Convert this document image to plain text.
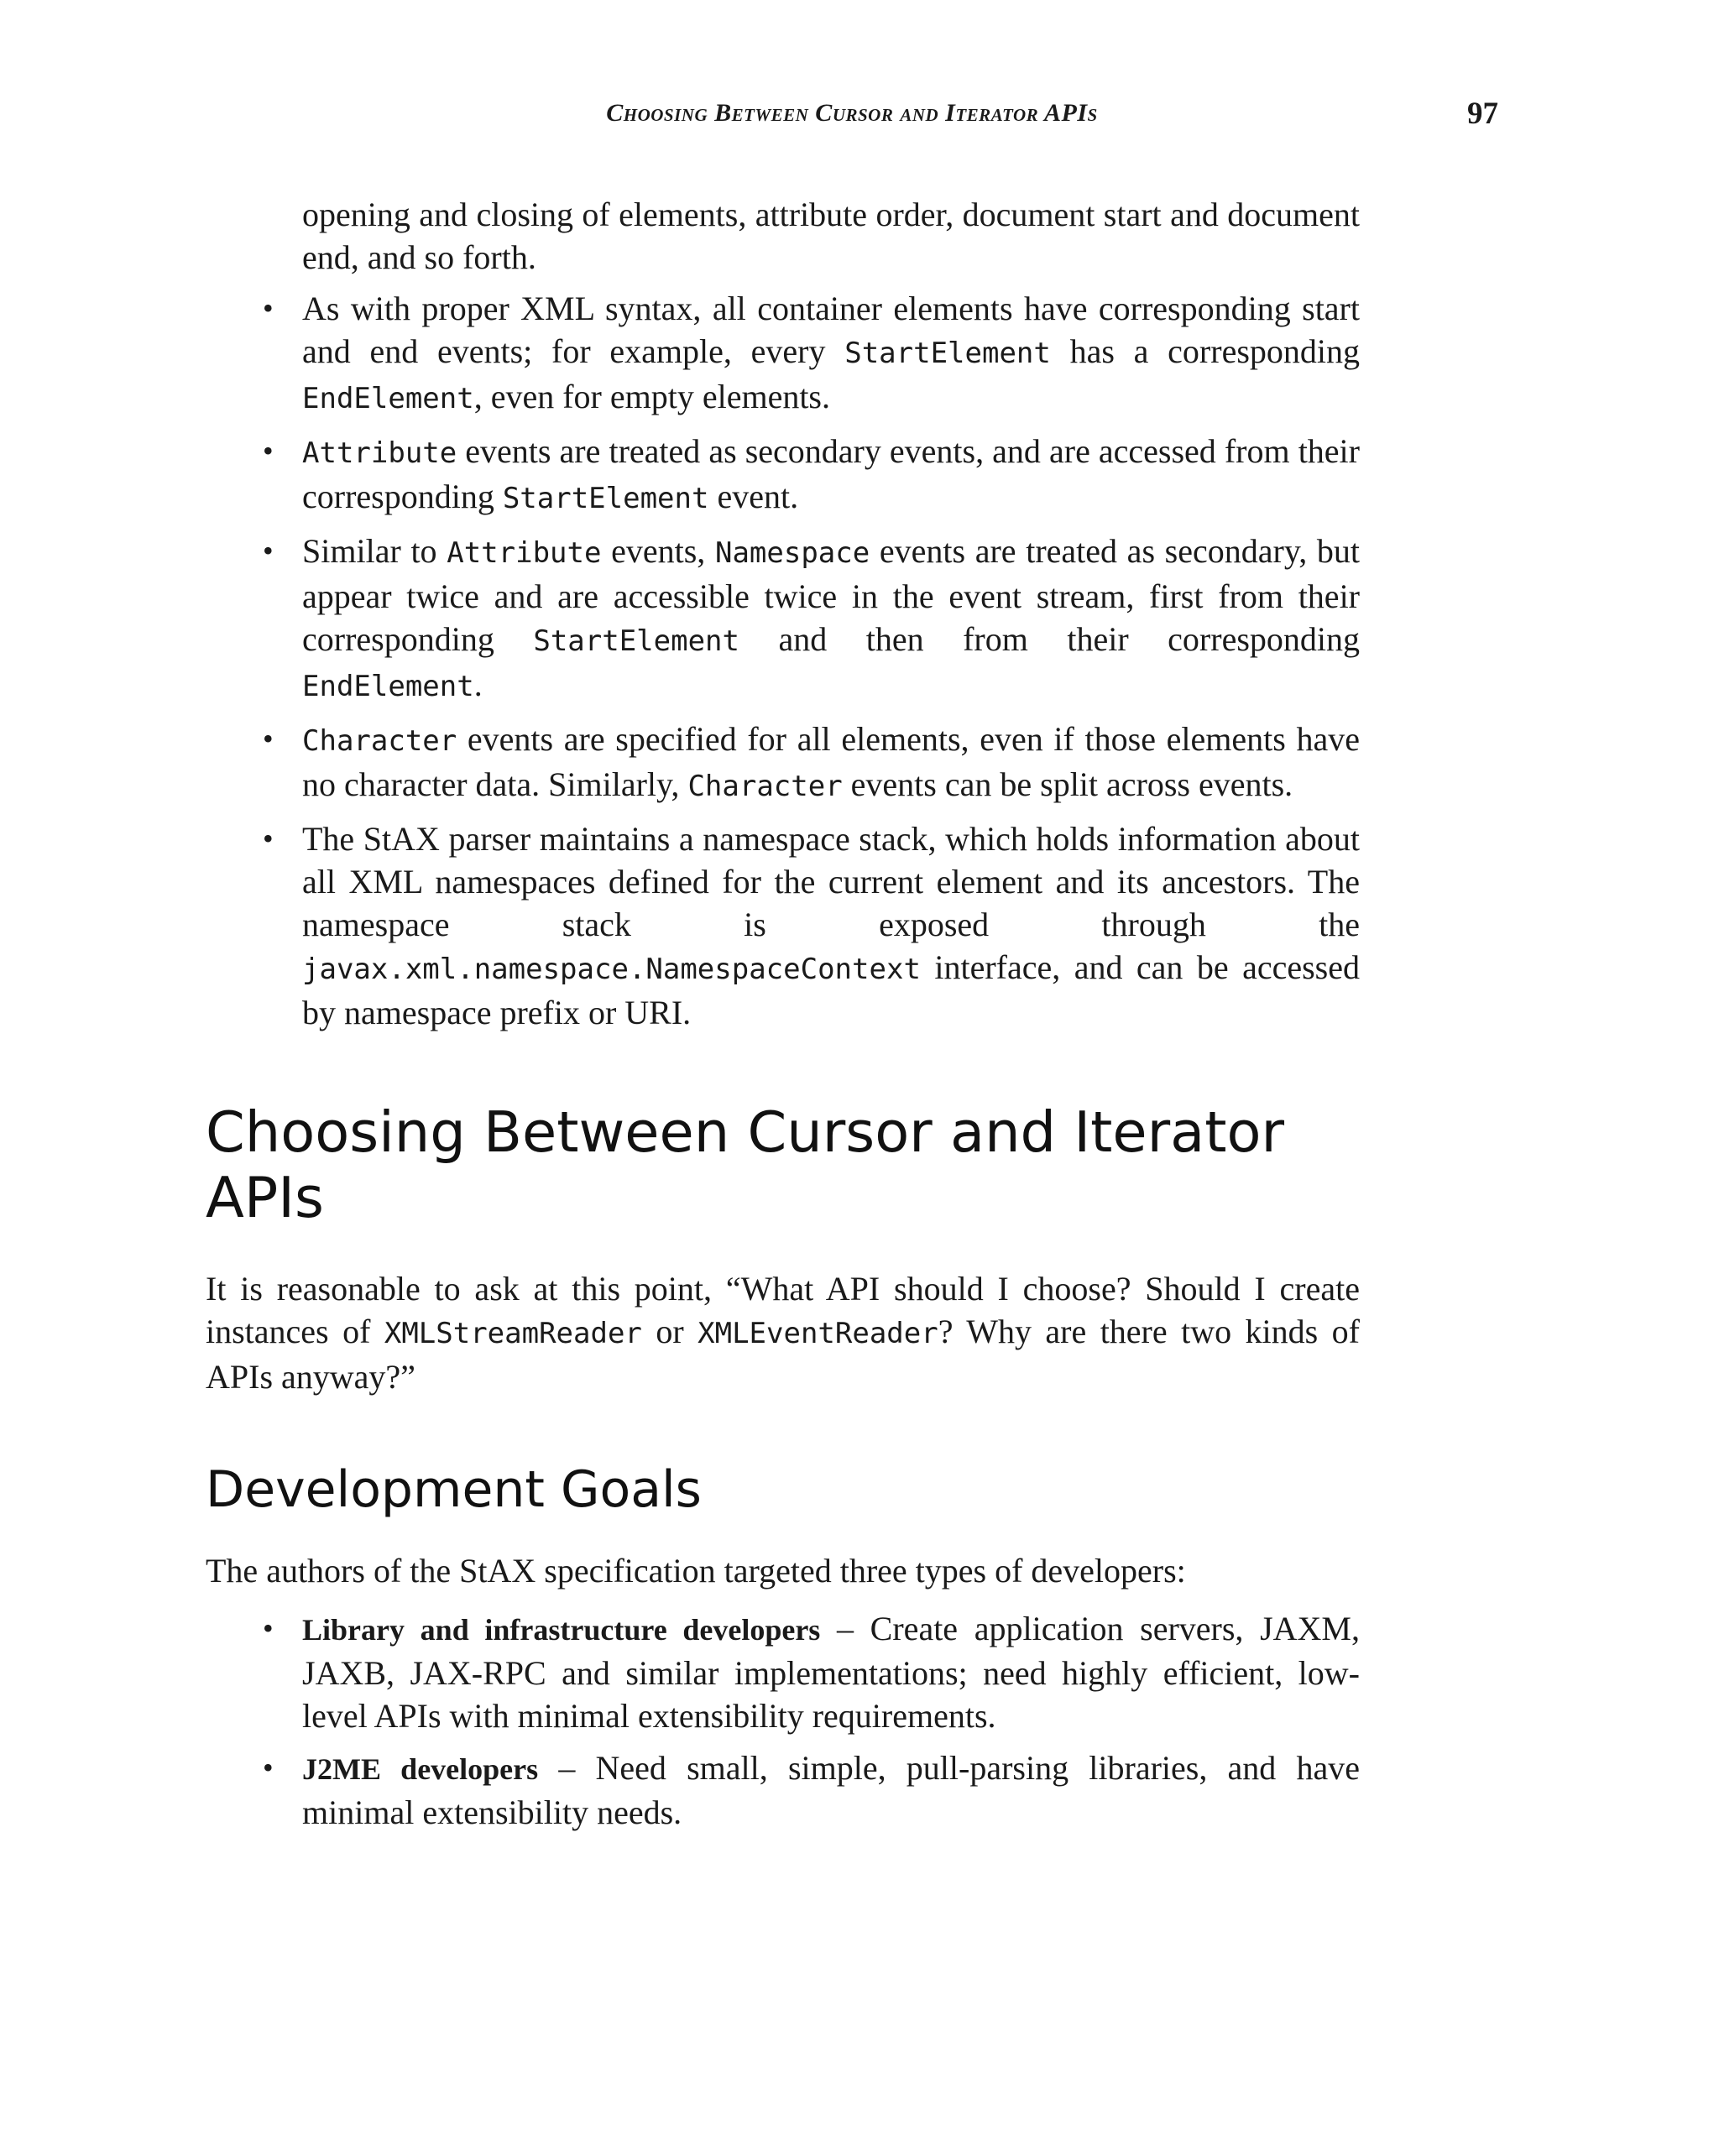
Choosing Between Cursor and Iterator APIs	97

opening and closing of elements, attribute order, document start and document end, and so forth.

• As with proper XML syntax, all container elements have corresponding start and end events; for example, every StartElement has a corresponding EndElement, even for empty elements.
• Attribute events are treated as secondary events, and are accessed from their corresponding StartElement event.
• Similar to Attribute events, Namespace events are treated as secondary, but appear twice and are accessible twice in the event stream, first from their corresponding StartElement and then from their corresponding EndElement.
• Character events are specified for all elements, even if those elements have no character data. Similarly, Character events can be split across events.
• The StAX parser maintains a namespace stack, which holds information about all XML namespaces defined for the current element and its ancestors. The namespace stack is exposed through the javax.xml.namespace.NamespaceContext interface, and can be accessed by namespace prefix or URI.
Choosing Between Cursor and Iterator APIs

It is reasonable to ask at this point, “What API should I choose? Should I create instances of XMLStreamReader or XMLEventReader? Why are there two kinds of APIs anyway?”

Development Goals

The authors of the StAX specification targeted three types of developers:

• Library and infrastructure developers – Create application servers, JAXM, JAXB, JAX-RPC and similar implementations; need highly efficient, low-level APIs with minimal extensibility requirements.
• J2ME developers – Need small, simple, pull-parsing libraries, and have minimal extensibility needs.
